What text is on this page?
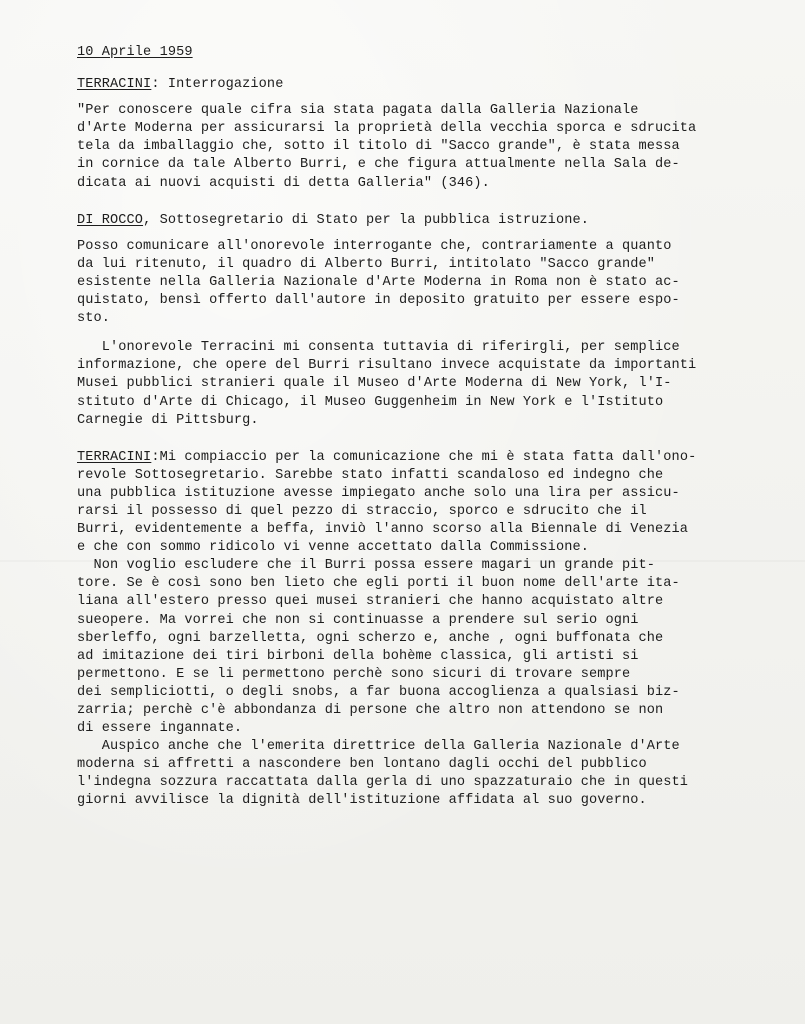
10 Aprile 1959
TERRACINI: Interrogazione
"Per conoscere quale cifra sia stata pagata dalla Galleria Nazionale
d'Arte Moderna per assicurarsi la proprietà della vecchia sporca e sdrucita
tela da imballaggio che, sotto il titolo di "Sacco grande", è stata messa
in cornice da tale Alberto Burri, e che figura attualmente nella Sala de-
dicata ai nuovi acquisti di detta Galleria" (346).
DI ROCCO, Sottosegretario di Stato per la pubblica istruzione.
Posso comunicare all'onorevole interrogante che, contrariamente a quanto
da lui ritenuto, il quadro di Alberto Burri, intitolato "Sacco grande"
esistente nella Galleria Nazionale d'Arte Moderna in Roma non è stato ac-
quistato, bensì offerto dall'autore in deposito gratuito per essere espo-
sto.
L'onorevole Terracini mi consenta tuttavia di riferirgli, per semplice
informazione, che opere del Burri risultano invece acquistate da importanti
Musei pubblici stranieri quale il Museo d'Arte Moderna di New York, l'I-
stituto d'Arte di Chicago, il Museo Guggenheim in New York e l'Istituto
Carnegie di Pittsburg.
TERRACINI:Mi compiaccio per la comunicazione che mi è stata fatta dall'ono-
revole Sottosegretario. Sarebbe stato infatti scandaloso ed indegno che
una pubblica istituzione avesse impiegato anche solo una lira per assicu-
rarsi il possesso di quel pezzo di straccio, sporco e sdrucito che il
Burri, evidentemente a beffa, inviò l'anno scorso alla Biennale di Venezia
e che con sommo ridicolo vi venne accettato dalla Commissione.
Non voglio escludere che il Burri possa essere magari un grande pit-
tore. Se è così sono ben lieto che egli porti il buon nome dell'arte ita-
liana all'estero presso quei musei stranieri che hanno acquistato altre
sueopere. Ma vorrei che non si continuasse a prendere sul serio ogni
sberleffo, ogni barzelletta, ogni scherzo e, anche , ogni buffonata che
ad imitazione dei tiri birboni della bohème classica, gli artisti si
permettono. E se li permettono perchè sono sicuri di trovare sempre
dei sempliciotti, o degli snobs, a far buona accoglienza a qualsiasi biz-
zarria; perchè c'è abbondanza di persone che altro non attendono se non
di essere ingannate.
Auspico anche che l'emerita direttrice della Galleria Nazionale d'Arte
moderna si affretti a nascondere ben lontano dagli occhi del pubblico
l'indegna sozzura raccattata dalla gerla di uno spazzaturaio che in questi
giorni avvilisce la dignità dell'istituzione affidata al suo governo.
